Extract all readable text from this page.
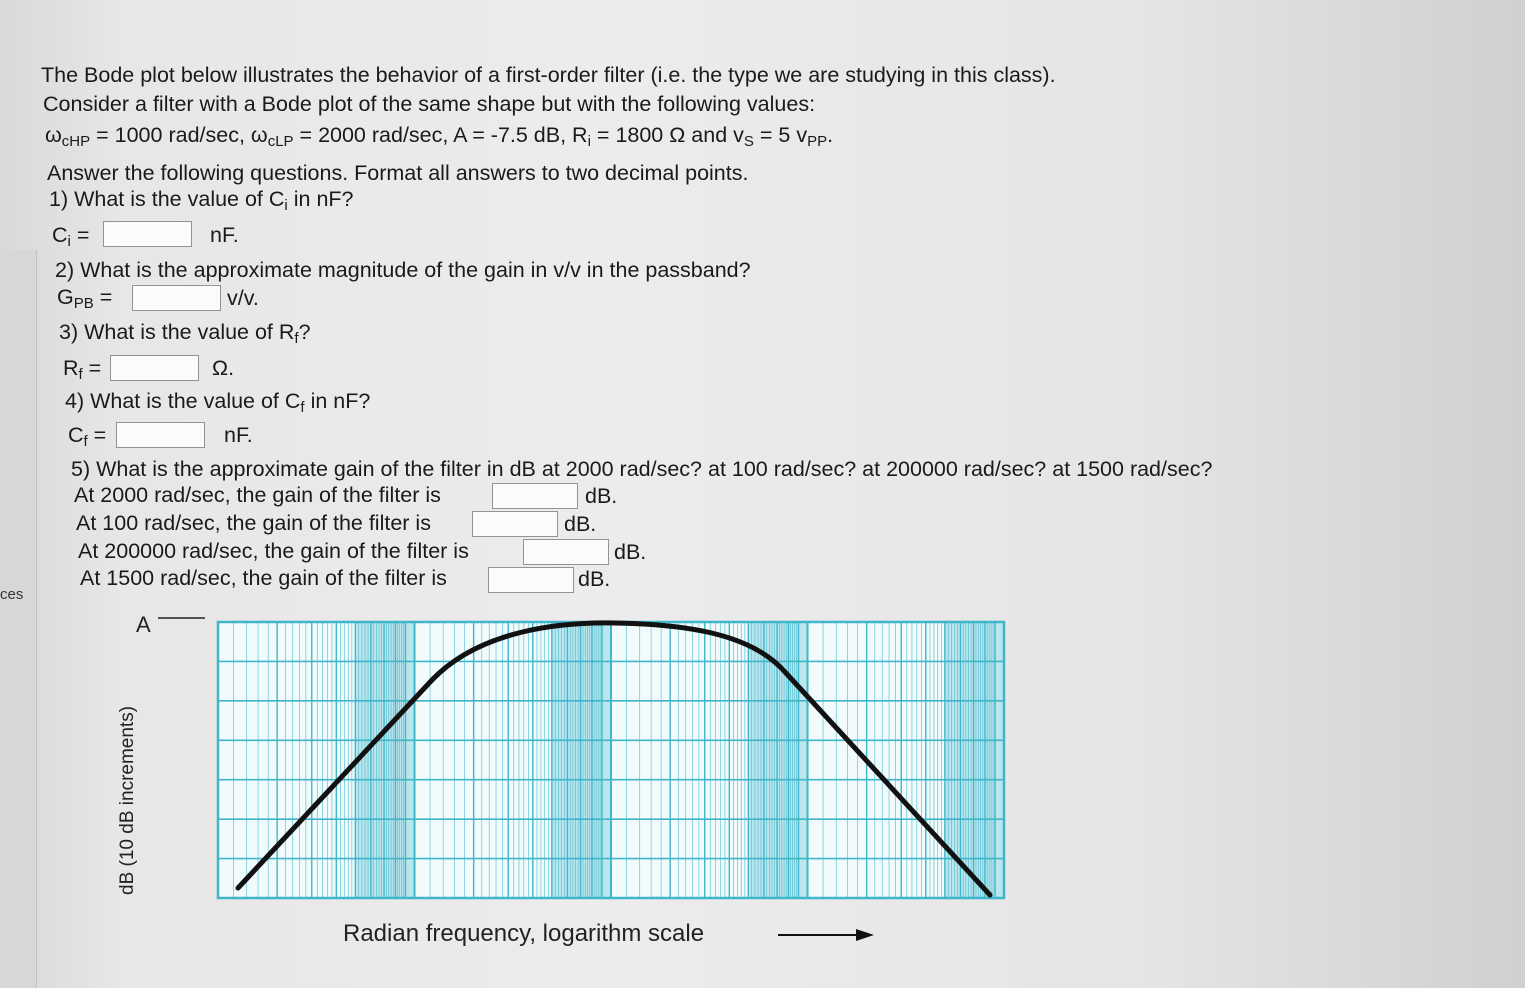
ces
The Bode plot below illustrates the behavior of a first-order filter (i.e. the type we are studying in this class).
Consider a filter with a Bode plot of the same shape but with the following values:
$\omega_{cHP} = 1000$ rad/sec, $\omega_{cLP} = 2000$ rad/sec, A = -7.5 dB, $R_i = 1800$ Ω and $v_S = 5$ $v_{PP}$.
Answer the following questions. Format all answers to two decimal points.
1) What is the value of $C_i$ in nF?
$C_i$ =	nF.
2) What is the approximate magnitude of the gain in v/v in the passband?
$G_{PB}$ =	v/v.
3) What is the value of $R_f$?
$R_f$ =	Ω.
4) What is the value of $C_f$ in nF?
$C_f$ =	nF.
5) What is the approximate gain of the filter in dB at 2000 rad/sec? at 100 rad/sec? at 200000 rad/sec? at 1500 rad/sec?
At 2000 rad/sec, the gain of the filter is	dB.
At 100 rad/sec, the gain of the filter is	dB.
At 200000 rad/sec, the gain of the filter is	dB.
At 1500 rad/sec, the gain of the filter is	dB.
A
dB (10 dB increments)
Radian frequency, logarithm scale
